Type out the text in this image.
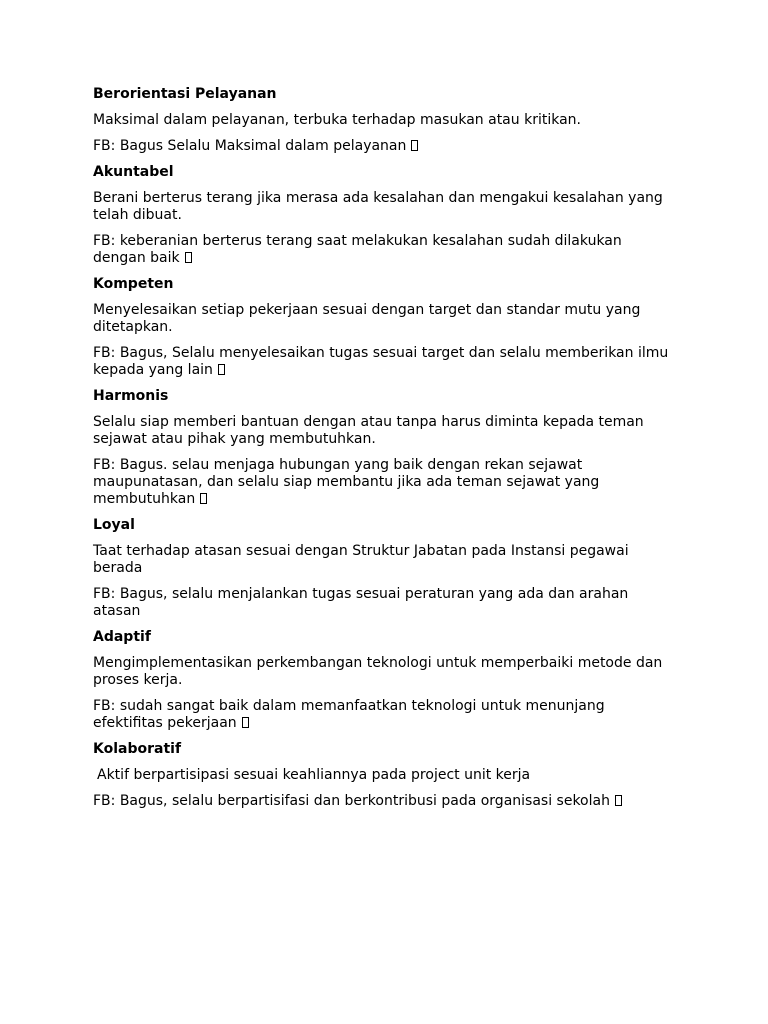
Berorientasi Pelayanan
Maksimal dalam pelayanan, terbuka terhadap masukan atau kritikan.
FB: Bagus Selalu Maksimal dalam pelayanan
Akuntabel
Berani berterus terang jika merasa ada kesalahan dan mengakui kesalahan yang telah dibuat.
FB: keberanian berterus terang saat melakukan kesalahan sudah dilakukan dengan baik
Kompeten
Menyelesaikan setiap pekerjaan sesuai dengan target dan standar mutu yang ditetapkan.
FB: Bagus, Selalu menyelesaikan tugas sesuai target dan selalu memberikan ilmu kepada yang lain
Harmonis
Selalu siap memberi bantuan dengan atau tanpa harus diminta kepada teman sejawat atau pihak yang membutuhkan.
FB: Bagus. selau menjaga hubungan yang baik dengan rekan sejawat maupunatasan, dan selalu siap membantu jika ada teman sejawat yang membutuhkan
Loyal
Taat terhadap atasan sesuai dengan Struktur Jabatan pada Instansi pegawai berada
FB: Bagus, selalu menjalankan tugas sesuai peraturan yang ada dan arahan atasan
Adaptif
Mengimplementasikan perkembangan teknologi untuk memperbaiki metode dan proses kerja.
FB: sudah sangat baik dalam memanfaatkan teknologi untuk menunjang efektifitas pekerjaan
Kolaboratif
Aktif berpartisipasi sesuai keahliannya pada project unit kerja
FB: Bagus, selalu berpartisifasi dan berkontribusi pada organisasi sekolah
